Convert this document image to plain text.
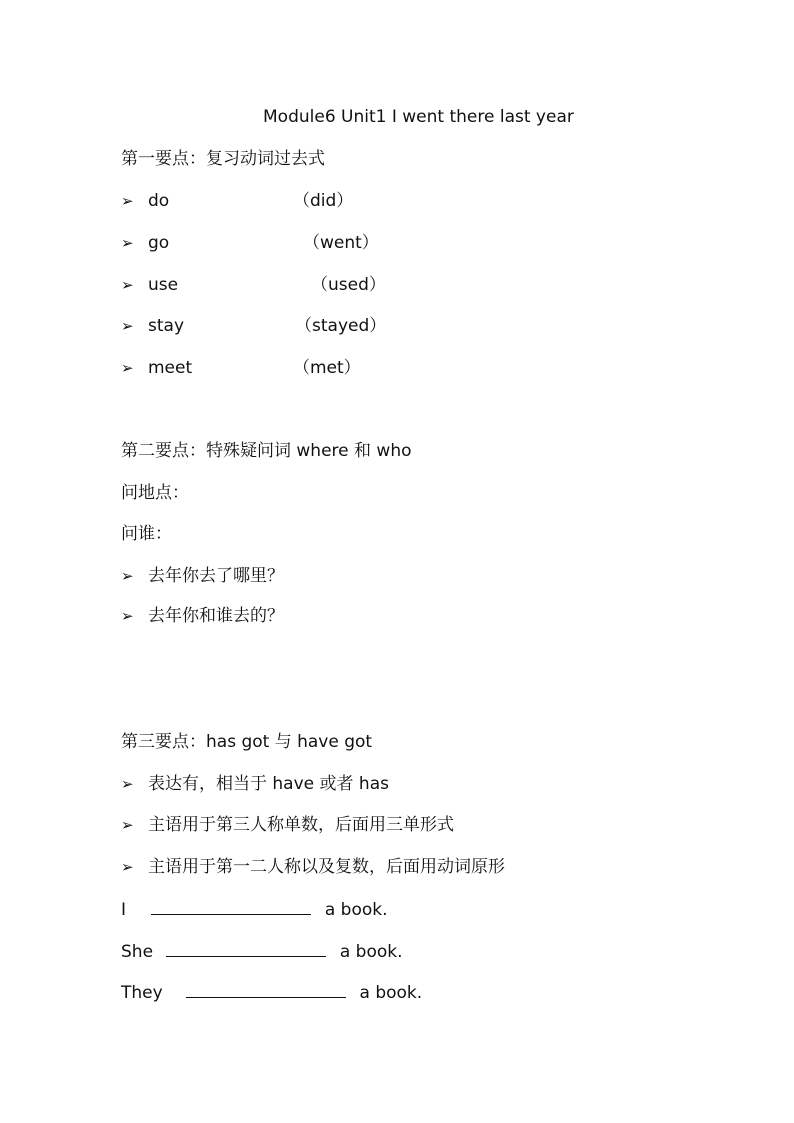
Module6 Unit1 I went there last year
第一要点：复习动词过去式
➢ do	（did）
➢ go	（went）
➢ use	（used）
➢ stay	（stayed）
➢ meet	（met）
第二要点：特殊疑问词 where 和 who
问地点：
问谁：
➢ 去年你去了哪里？
➢ 去年你和谁去的？
第三要点：has got 与 have got
➢ 表达有，相当于 have 或者 has
➢ 主语用于第三人称单数，后面用三单形式
➢ 主语用于第一二人称以及复数，后面用动词原形
I	a book.
She	a book.
They	a book.
